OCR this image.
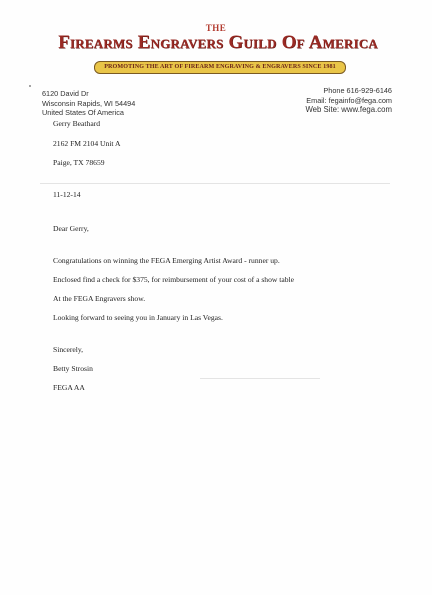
THE
Firearms Engravers Guild Of America
PROMOTING THE ART OF FIREARM ENGRAVING & ENGRAVERS SINCE 1981
6120 David Dr
Wisconsin Rapids, WI 54494
United States Of America
Phone 616-929-6146
Email: fegainfo@fega.com
Web Site: www.fega.com
Gerry Beathard
2162 FM 2104 Unit A
Paige, TX 78659
11-12-14
Dear Gerry,
Congratulations on winning the FEGA Emerging Artist Award - runner up.
Enclosed find a check for $375, for reimbursement of your cost of a show table
At the FEGA Engravers show.
Looking forward to seeing you in January in Las Vegas.
Sincerely,
Betty Strosin
FEGA AA
